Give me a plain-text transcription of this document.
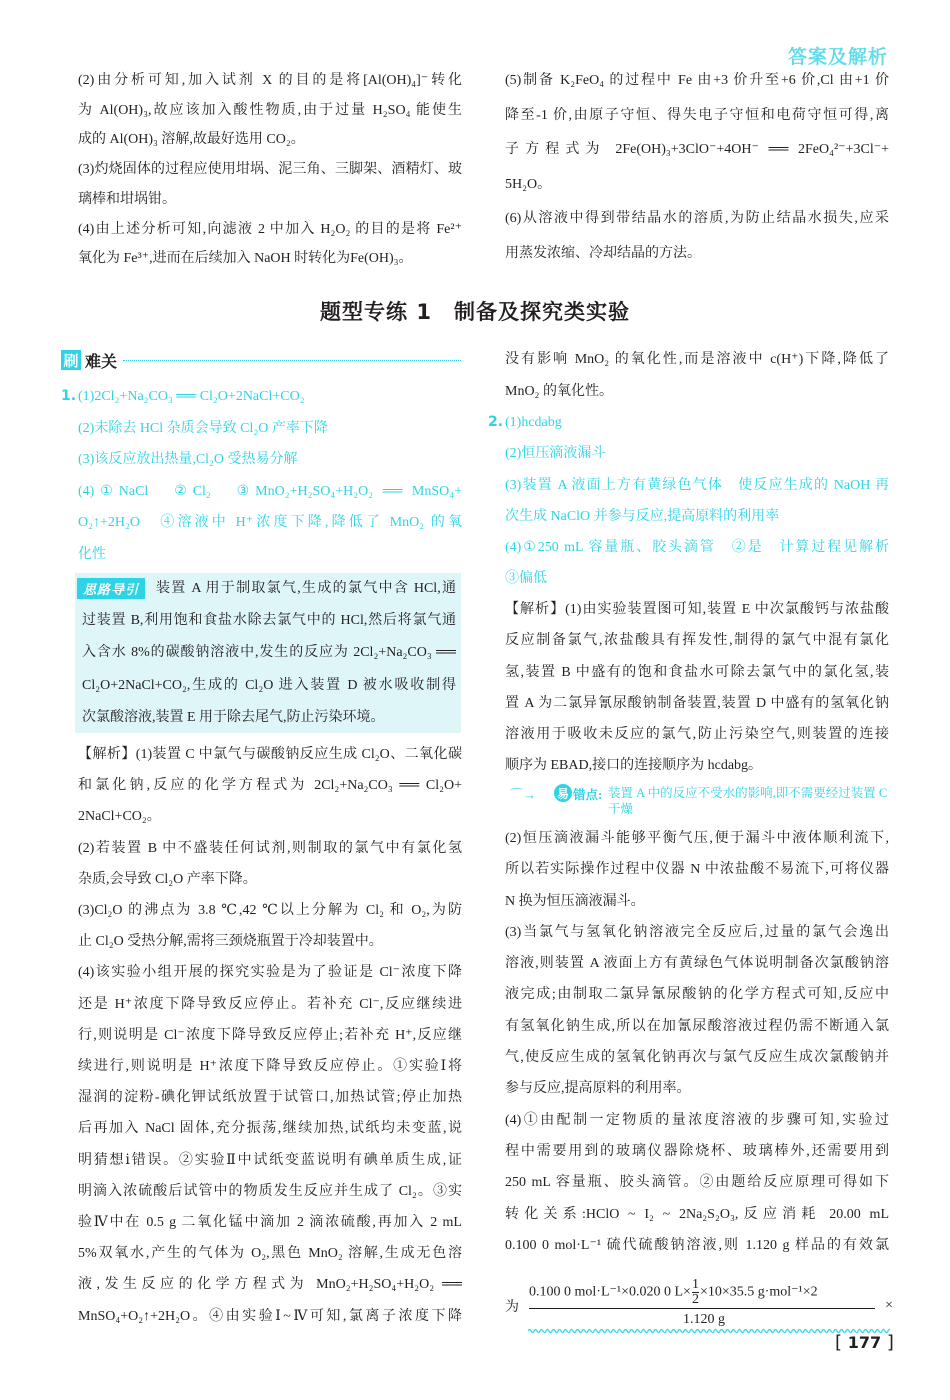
答案及解析
(2)由分析可知,加入试剂 X 的目的是将[Al(OH)₄]⁻转化
为 Al(OH)₃,故应该加入酸性物质,由于过量 H₂SO₄ 能使生
成的 Al(OH)₃ 溶解,故最好选用 CO₂。
(3)灼烧固体的过程应使用坩埚、泥三角、三脚架、酒精灯、玻
璃棒和坩埚钳。
(4)由上述分析可知,向滤液 2 中加入 H₂O₂ 的目的是将 Fe²⁺
氧化为 Fe³⁺,进而在后续加入 NaOH 时转化为Fe(OH)₃。
(5)制备 K₂FeO₄ 的过程中 Fe 由+3 价升至+6 价,Cl 由+1 价
降至-1 价,由原子守恒、得失电子守恒和电荷守恒可得,离
子方程式为 2Fe(OH)₃+3ClO⁻+4OH⁻ ══ 2FeO₄²⁻+3Cl⁻+
5H₂O。
(6)从溶液中得到带结晶水的溶质,为防止结晶水损失,应采
用蒸发浓缩、冷却结晶的方法。
题型专练 1　制备及探究类实验
刷 难关
1. (1)2Cl₂+Na₂CO₃ ══ Cl₂O+2NaCl+CO₂
(2)未除去 HCl 杂质会导致 Cl₂O 产率下降
(3)该反应放出热量,Cl₂O 受热易分解
(4)①NaCl　②Cl₂　③MnO₂+H₂SO₄+H₂O₂ ══ MnSO₄+
O₂↑+2H₂O　④溶液中 H⁺浓度下降,降低了 MnO₂ 的氧
化性
思路导引	装置 A 用于制取氯气,生成的氯气中含 HCl,通
过装置 B,利用饱和食盐水除去氯气中的 HCl,然后将氯气通
入含水 8%的碳酸钠溶液中,发生的反应为 2Cl₂+Na₂CO₃ ══
Cl₂O+2NaCl+CO₂,生成的 Cl₂O 进入装置 D 被水吸收制得
次氯酸溶液,装置 E 用于除去尾气,防止污染环境。
【解析】(1)装置 C 中氯气与碳酸钠反应生成 Cl₂O、二氧化碳
和氯化钠,反应的化学方程式为 2Cl₂+Na₂CO₃ ══ Cl₂O+
2NaCl+CO₂。
(2)若装置 B 中不盛装任何试剂,则制取的氯气中有氯化氢
杂质,会导致 Cl₂O 产率下降。
(3)Cl₂O 的沸点为 3.8 ℃,42 ℃以上分解为 Cl₂ 和 O₂,为防
止 Cl₂O 受热分解,需将三颈烧瓶置于冷却装置中。
(4)该实验小组开展的探究实验是为了验证是 Cl⁻浓度下降
还是 H⁺浓度下降导致反应停止。若补充 Cl⁻,反应继续进
行,则说明是 Cl⁻浓度下降导致反应停止;若补充 H⁺,反应继
续进行,则说明是 H⁺浓度下降导致反应停止。①实验Ⅰ将
湿润的淀粉-碘化钾试纸放置于试管口,加热试管;停止加热
后再加入 NaCl 固体,充分振荡,继续加热,试纸均未变蓝,说
明猜想ⅰ错误。②实验Ⅱ中试纸变蓝说明有碘单质生成,证
明滴入浓硫酸后试管中的物质发生反应并生成了 Cl₂。③实
验Ⅳ中在 0.5 g 二氧化锰中滴加 2 滴浓硫酸,再加入 2 mL
5%双氧水,产生的气体为 O₂,黑色 MnO₂ 溶解,生成无色溶
液,发生反应的化学方程式为 MnO₂+H₂SO₄+H₂O₂ ══
MnSO₄+O₂↑+2H₂O。④由实验Ⅰ~Ⅳ可知,氯离子浓度下降
没有影响 MnO₂ 的氧化性,而是溶液中 c(H⁺)下降,降低了
MnO₂ 的氧化性。
2. (1)hcdabg
(2)恒压滴液漏斗
(3)装置 A 液面上方有黄绿色气体　使反应生成的 NaOH 再
次生成 NaClO 并参与反应,提高原料的利用率
(4)①250 mL 容量瓶、胶头滴管　②是　计算过程见解析
③偏低
【解析】(1)由实验装置图可知,装置 E 中次氯酸钙与浓盐酸
反应制备氯气,浓盐酸具有挥发性,制得的氯气中混有氯化
氢,装置 B 中盛有的饱和食盐水可除去氯气中的氯化氢,装
置 A 为二氯异氰尿酸钠制备装置,装置 D 中盛有的氢氧化钠
溶液用于吸收未反应的氯气,防止污染空气,则装置的连接
顺序为 EBAD,接口的连接顺序为 hcdabg。
⌒→ 易 错点: 装置 A 中的反应不受水的影响,即不需要经过装置 C 干燥
(2)恒压滴液漏斗能够平衡气压,便于漏斗中液体顺利流下,
所以若实际操作过程中仪器 N 中浓盐酸不易流下,可将仪器
N 换为恒压滴液漏斗。
(3)当氯气与氢氧化钠溶液完全反应后,过量的氯气会逸出
溶液,则装置 A 液面上方有黄绿色气体说明制备次氯酸钠溶
液完成;由制取二氯异氰尿酸钠的化学方程式可知,反应中
有氢氧化钠生成,所以在加氰尿酸溶液过程仍需不断通入氯
气,使反应生成的氢氧化钠再次与氯气反应生成次氯酸钠并
参与反应,提高原料的利用率。
(4)①由配制一定物质的量浓度溶液的步骤可知,实验过
程中需要用到的玻璃仪器除烧杯、玻璃棒外,还需要用到
250 mL 容量瓶、胶头滴管。②由题给反应原理可得如下
转化关系:HClO ~ I₂ ~ 2Na₂S₂O₃,反应消耗 20.00 mL
0.100 0 mol·L⁻¹ 硫代硫酸钠溶液,则 1.120 g 样品的有效氯
为
0.100 0 mol·L⁻¹×0.020 0 $L\times \frac{1}{2} \times 10\times 35.5$ g·mol⁻¹×2
1.120 g
×
[ 177 ]
